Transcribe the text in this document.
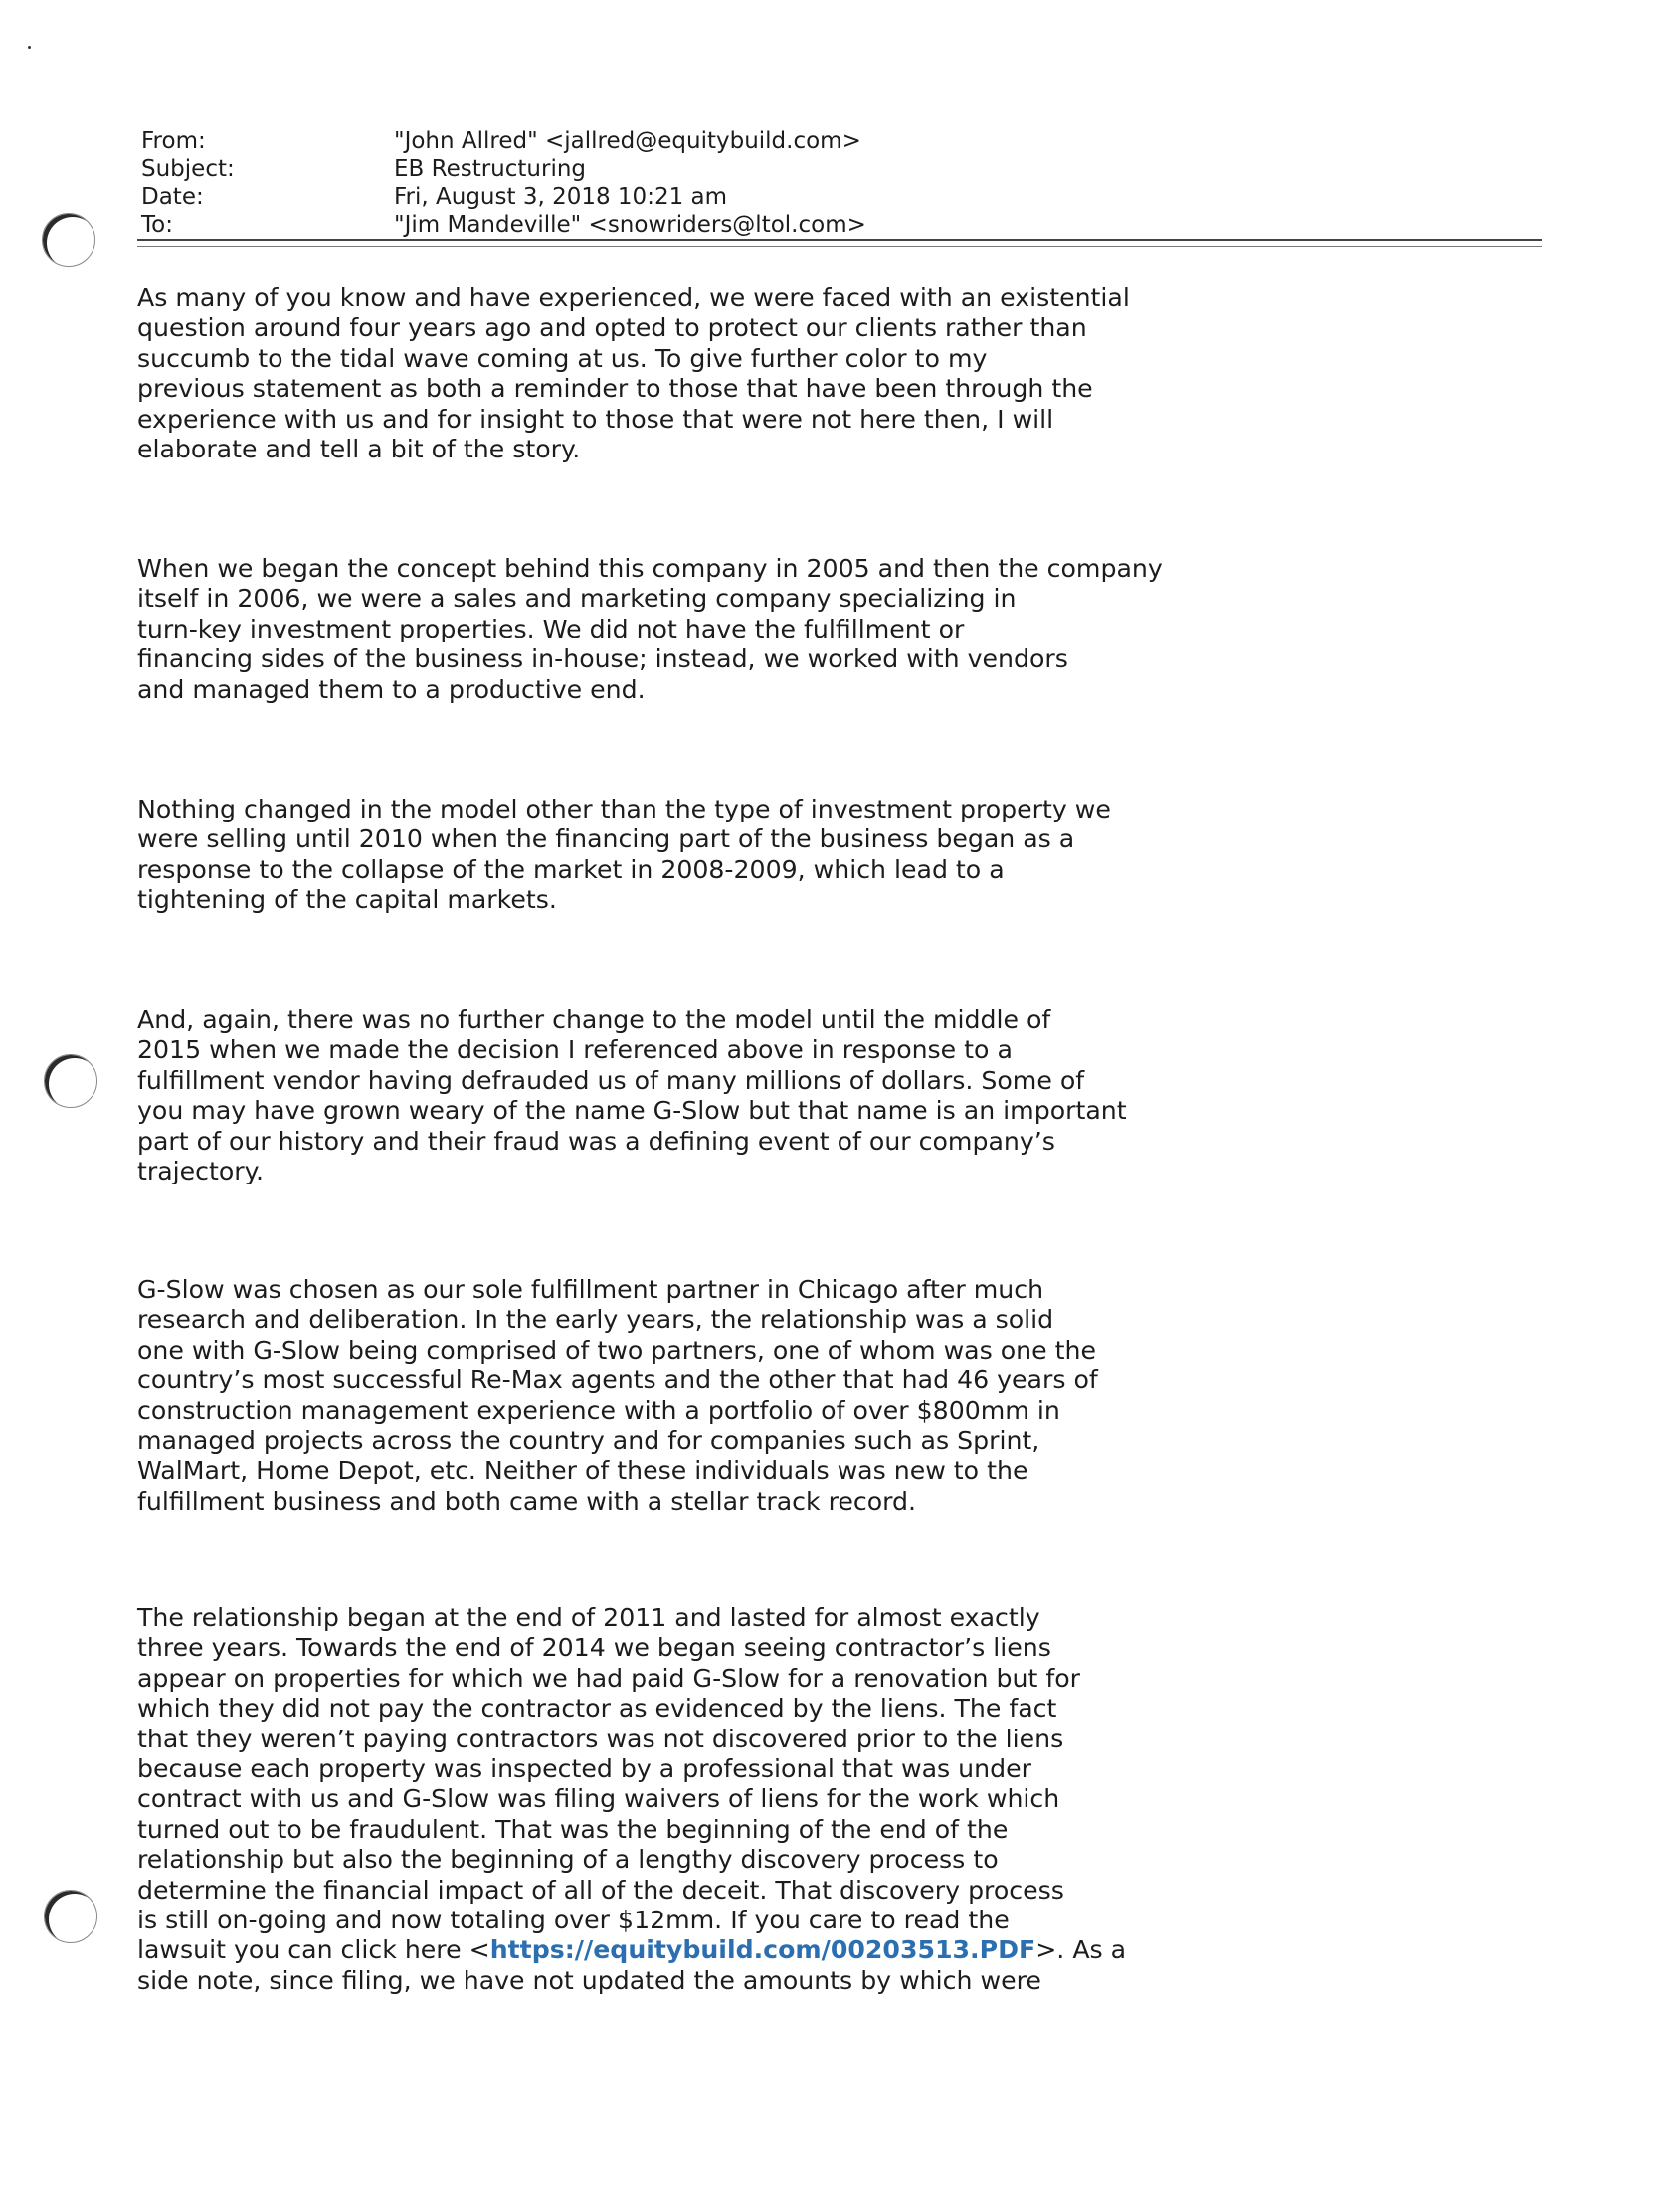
From:	"John Allred" <jallred@equitybuild.com>
Subject:	EB Restructuring
Date:	Fri, August 3, 2018 10:21 am
To:	"Jim Mandeville" <snowriders@ltol.com>
As many of you know and have experienced, we were faced with an existential
question around four years ago and opted to protect our clients rather than
succumb to the tidal wave coming at us. To give further color to my
previous statement as both a reminder to those that have been through the
experience with us and for insight to those that were not here then, I will
elaborate and tell a bit of the story.
When we began the concept behind this company in 2005 and then the company
itself in 2006, we were a sales and marketing company specializing in
turn-key investment properties. We did not have the fulfillment or
financing sides of the business in-house; instead, we worked with vendors
and managed them to a productive end.
Nothing changed in the model other than the type of investment property we
were selling until 2010 when the financing part of the business began as a
response to the collapse of the market in 2008-2009, which lead to a
tightening of the capital markets.
And, again, there was no further change to the model until the middle of
2015 when we made the decision I referenced above in response to a
fulfillment vendor having defrauded us of many millions of dollars. Some of
you may have grown weary of the name G-Slow but that name is an important
part of our history and their fraud was a defining event of our company’s
trajectory.
G-Slow was chosen as our sole fulfillment partner in Chicago after much
research and deliberation. In the early years, the relationship was a solid
one with G-Slow being comprised of two partners, one of whom was one the
country’s most successful Re-Max agents and the other that had 46 years of
construction management experience with a portfolio of over $800mm in
managed projects across the country and for companies such as Sprint,
WalMart, Home Depot, etc. Neither of these individuals was new to the
fulfillment business and both came with a stellar track record.
The relationship began at the end of 2011 and lasted for almost exactly
three years. Towards the end of 2014 we began seeing contractor’s liens
appear on properties for which we had paid G-Slow for a renovation but for
which they did not pay the contractor as evidenced by the liens. The fact
that they weren’t paying contractors was not discovered prior to the liens
because each property was inspected by a professional that was under
contract with us and G-Slow was filing waivers of liens for the work which
turned out to be fraudulent. That was the beginning of the end of the
relationship but also the beginning of a lengthy discovery process to
determine the financial impact of all of the deceit. That discovery process
is still on-going and now totaling over $12mm. If you care to read the
lawsuit you can click here <https://equitybuild.com/00203513.PDF>. As a
side note, since filing, we have not updated the amounts by which were
